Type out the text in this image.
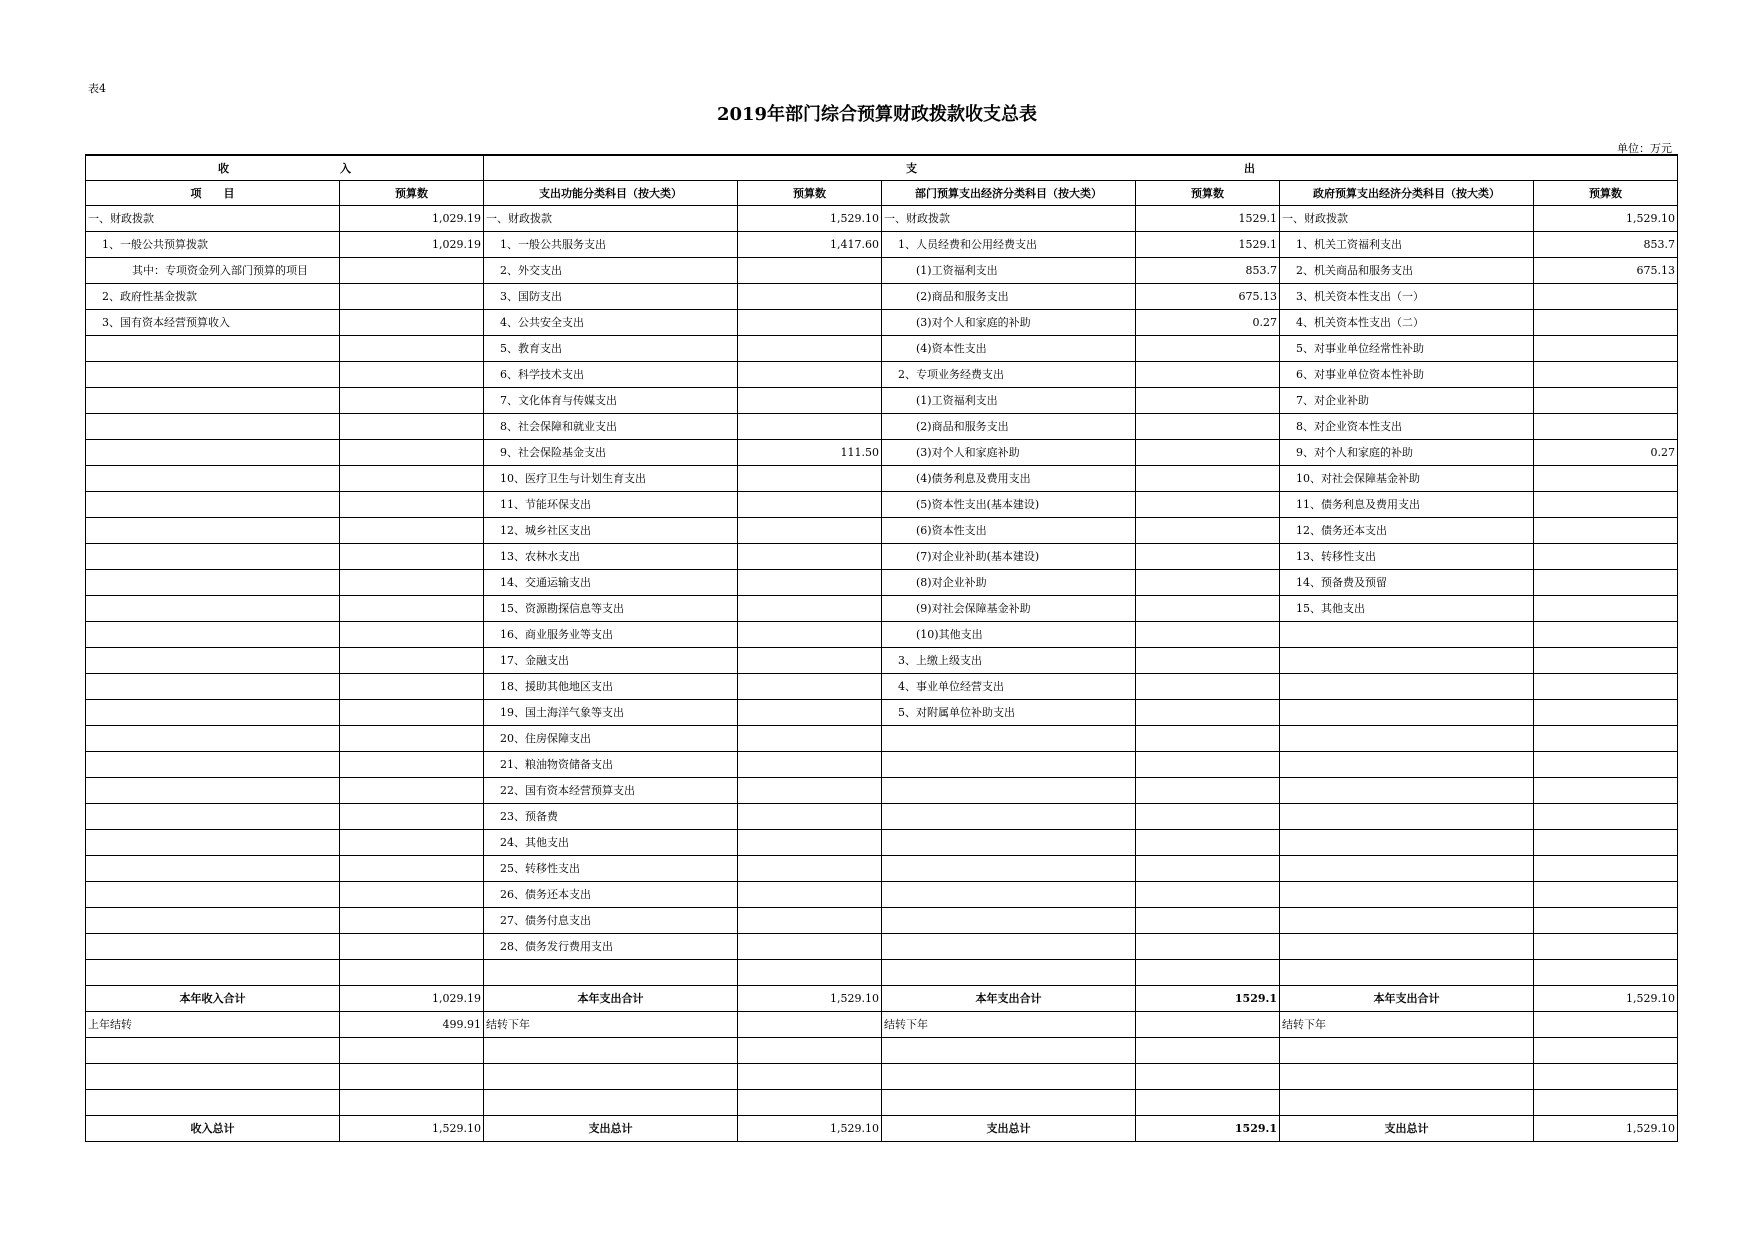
表4
2019年部门综合预算财政拨款收支总表
单位：万元
收 入		支 出					

项　　目	预算数	支出功能分类科目（按大类）	预算数	部门预算支出经济分类科目（按大类）	预算数	政府预算支出经济分类科目（按大类）	预算数
一、财政拨款	1,029.19	一、财政拨款	1,529.10	一、财政拨款	1529.1	一、财政拨款	1,529.10
1、一般公共预算拨款	1,029.19	1、一般公共服务支出	1,417.60	1、人员经费和公用经费支出	1529.1	1、机关工资福利支出	853.7
其中：专项资金列入部门预算的项目		2、外交支出		(1)工资福利支出	853.7	2、机关商品和服务支出	675.13
2、政府性基金拨款		3、国防支出		(2)商品和服务支出	675.13	3、机关资本性支出（一）	
3、国有资本经营预算收入		4、公共安全支出		(3)对个人和家庭的补助	0.27	4、机关资本性支出（二）	
		5、教育支出		(4)资本性支出		5、对事业单位经常性补助	
		6、科学技术支出		2、专项业务经费支出		6、对事业单位资本性补助	
		7、文化体育与传媒支出		(1)工资福利支出		7、对企业补助	
		8、社会保障和就业支出		(2)商品和服务支出		8、对企业资本性支出	
		9、社会保险基金支出	111.50	(3)对个人和家庭补助		9、对个人和家庭的补助	0.27
		10、医疗卫生与计划生育支出		(4)债务利息及费用支出		10、对社会保障基金补助	
		11、节能环保支出		(5)资本性支出(基本建设)		11、债务利息及费用支出	
		12、城乡社区支出		(6)资本性支出		12、债务还本支出	
		13、农林水支出		(7)对企业补助(基本建设)		13、转移性支出	
		14、交通运输支出		(8)对企业补助		14、预备费及预留	
		15、资源勘探信息等支出		(9)对社会保障基金补助		15、其他支出	
		16、商业服务业等支出		(10)其他支出			
		17、金融支出		3、上缴上级支出			
		18、援助其他地区支出		4、事业单位经营支出			
		19、国土海洋气象等支出		5、对附属单位补助支出			
		20、住房保障支出					
		21、粮油物资储备支出					
		22、国有资本经营预算支出					
		23、预备费					
		24、其他支出					
		25、转移性支出					
		26、债务还本支出					
		27、债务付息支出					
		28、债务发行费用支出					

本年收入合计	1,029.19	本年支出合计	1,529.10	本年支出合计	1529.1	本年支出合计	1,529.10
上年结转	499.91	结转下年		结转下年		结转下年	

收入总计	1,529.10	支出总计	1,529.10	支出总计	1529.1	支出总计	1,529.10
